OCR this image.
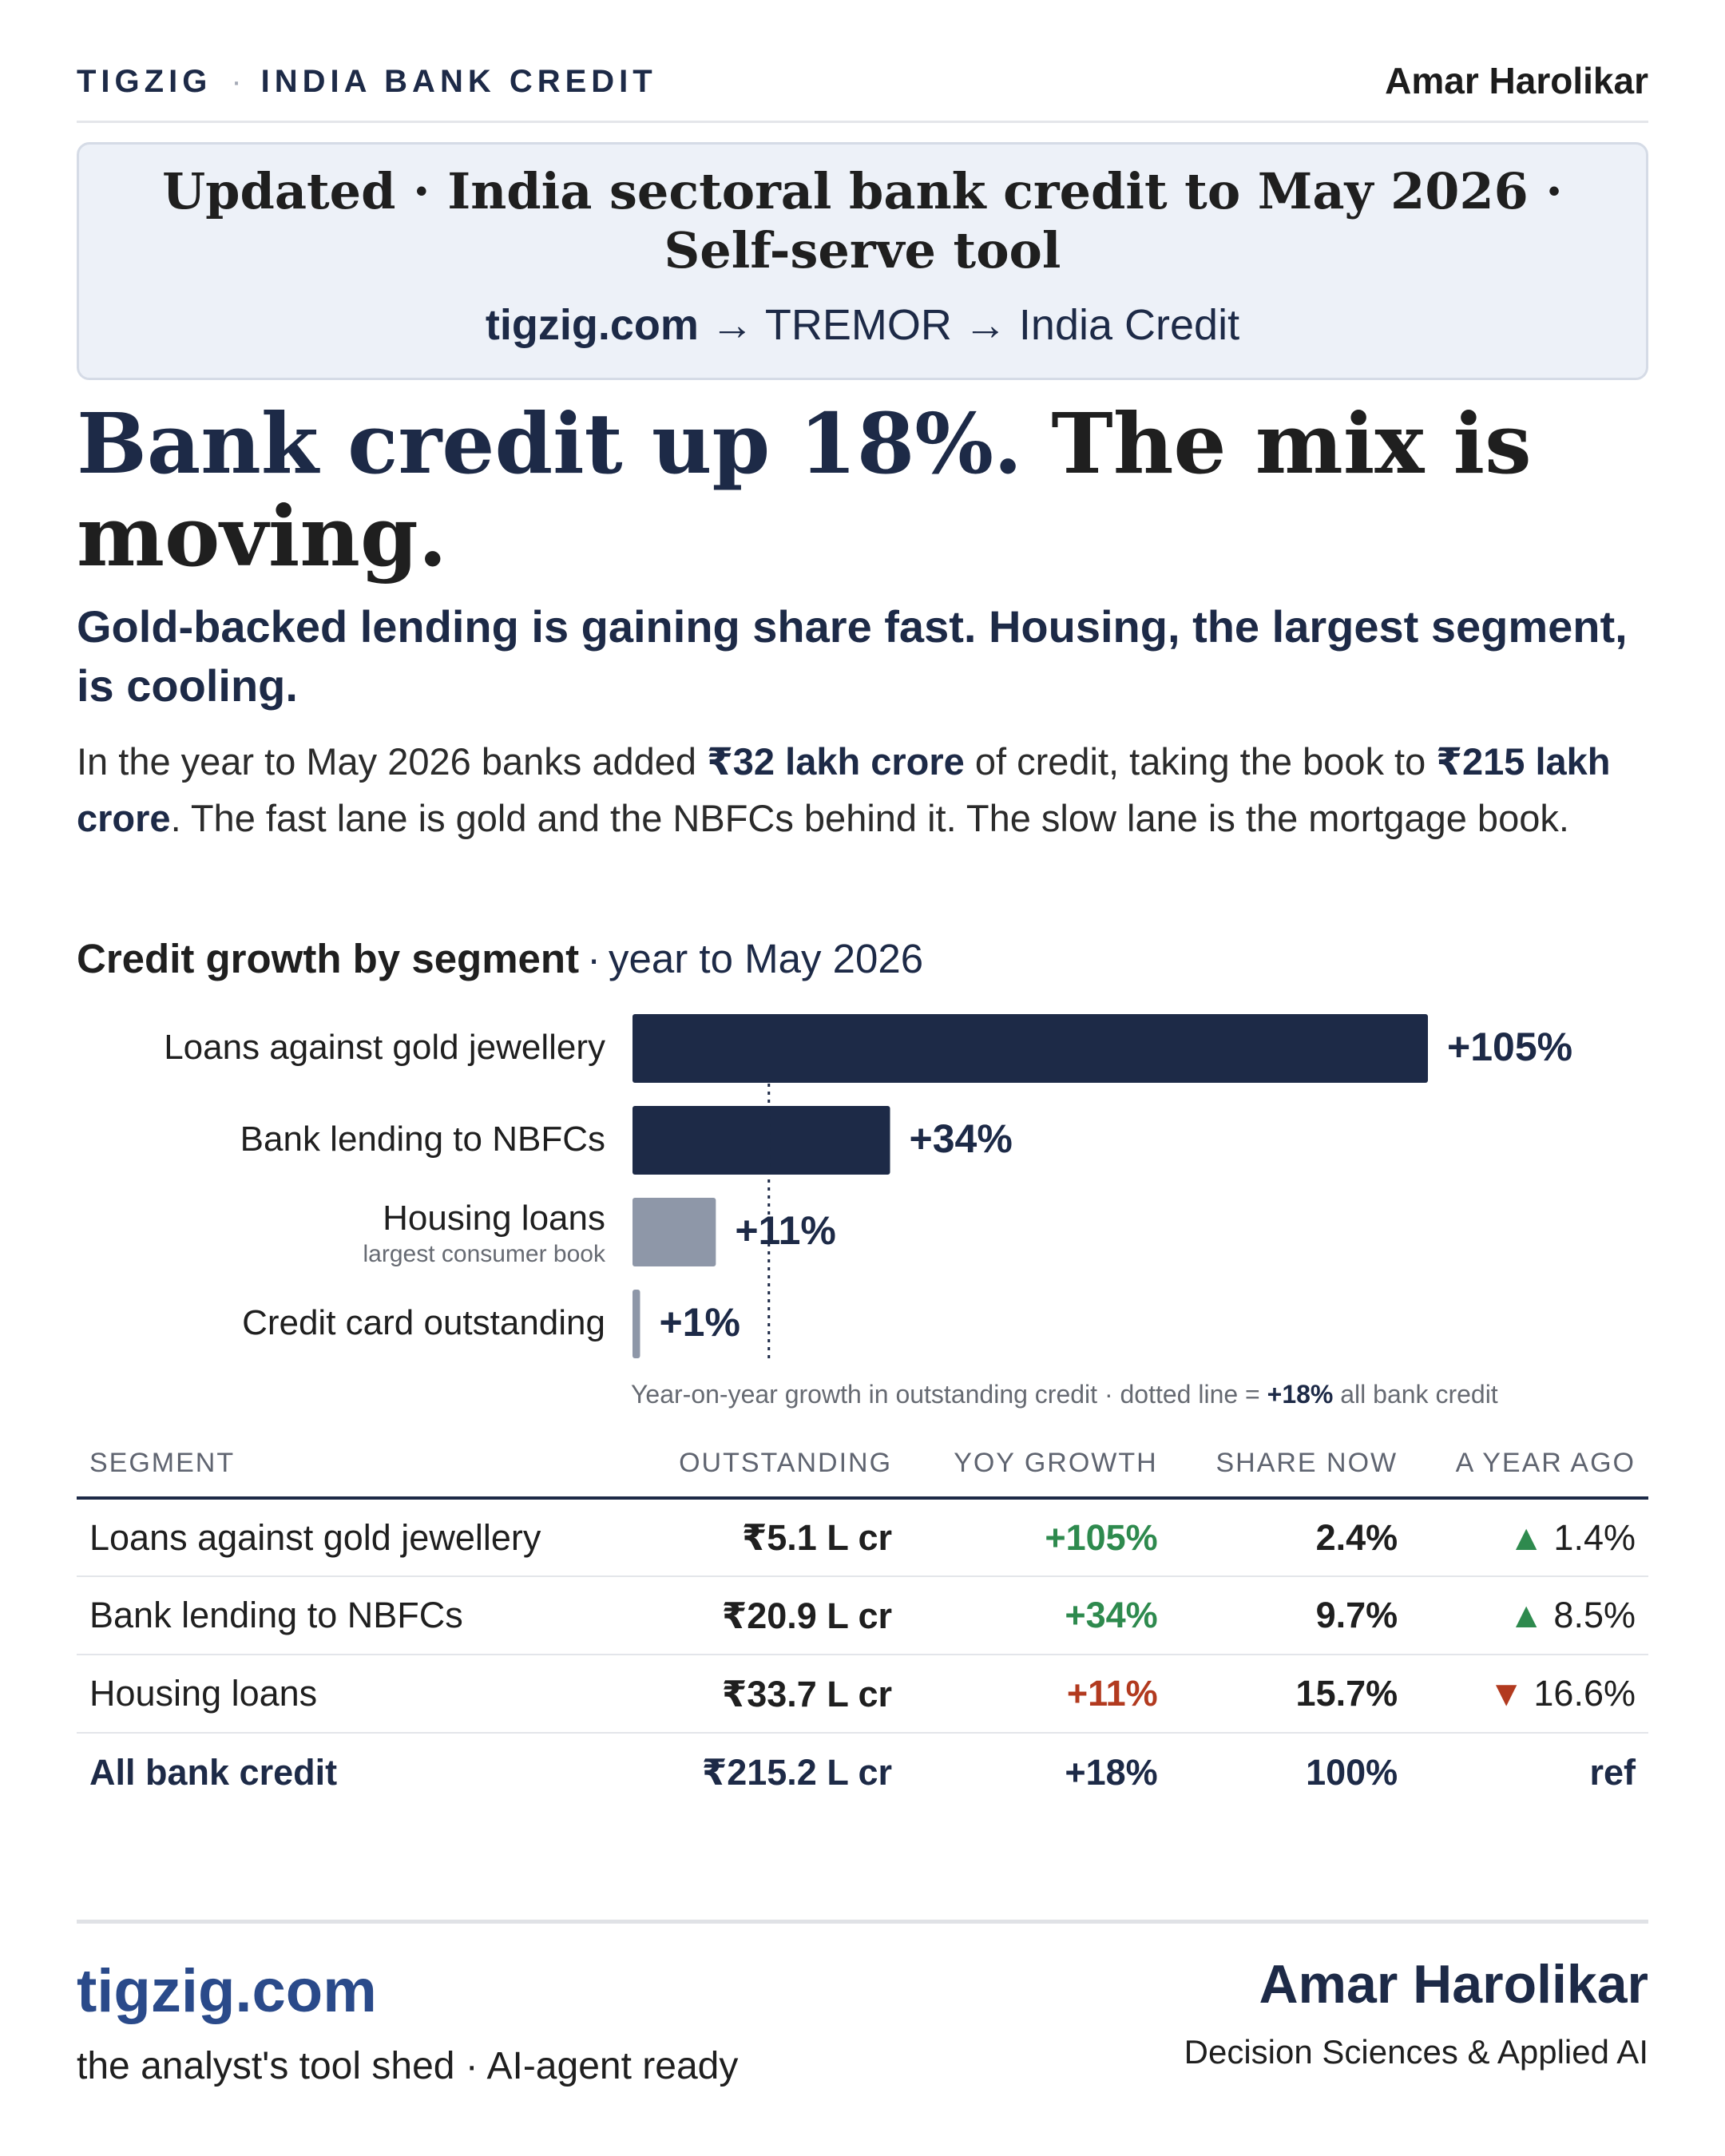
TIGZIG · INDIA BANK CREDIT	Amar Harolikar
Updated · India sectoral bank credit to May 2026 · Self-serve tool
tigzig.com → TREMOR → India Credit
Bank credit up 18%. The mix is moving.
Gold-backed lending is gaining share fast. Housing, the largest segment, is cooling.

In the year to May 2026 banks added ₹32 lakh crore of credit, taking the book to ₹215 lakh crore. The fast lane is gold and the NBFCs behind it. The slow lane is the mortgage book.

Credit growth by segment · year to May 2026
Loans against gold jewellery
Bank lending to NBFCs
Housing loans
largest consumer book
Credit card outstanding
+105%
+34%
+11%
+1%
Year-on-year growth in outstanding credit · dotted line = +18% all bank credit
SEGMENT	OUTSTANDING	YOY GROWTH	SHARE NOW	A YEAR AGO
Loans against gold jewellery	₹5.1 L cr	+105%	2.4%	▲ 1.4%
Bank lending to NBFCs	₹20.9 L cr	+34%	9.7%	▲ 8.5%
Housing loans	₹33.7 L cr	+11%	15.7%	▼ 16.6%
All bank credit	₹215.2 L cr	+18%	100%	ref
tigzig.com
the analyst's tool shed · AI-agent ready
Amar Harolikar
Decision Sciences & Applied AI
